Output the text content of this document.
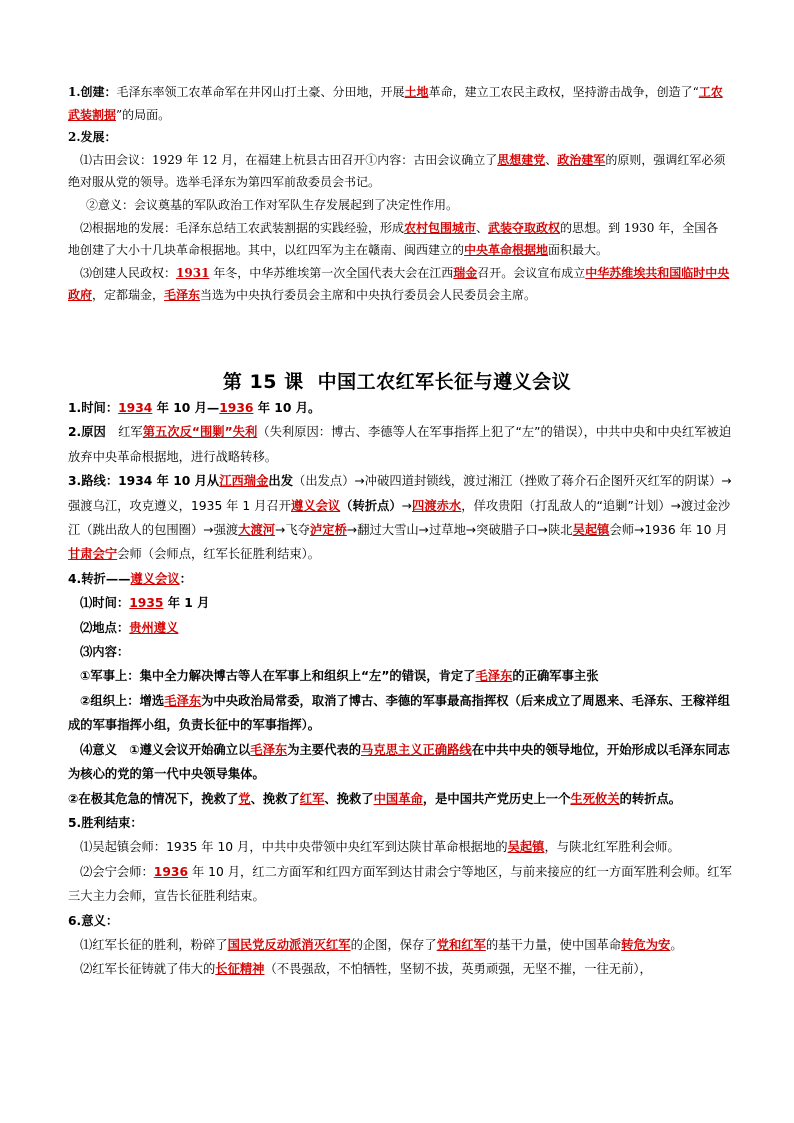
1.创建：毛泽东率领工农革命军在井冈山打土豪、分田地，开展土地革命，建立工农民主政权，坚持游击战争，创造了“工农武装割据”的局面。

2.发展：

⑴古田会议：1929 年 12 月，在福建上杭县古田召开①内容：古田会议确立了思想建党、政治建军的原则，强调红军必须绝对服从党的领导。选举毛泽东为第四军前敌委员会书记。

②意义：会议奠基的军队政治工作对军队生存发展起到了决定性作用。

⑵根据地的发展：毛泽东总结工农武装割据的实践经验，形成农村包围城市、武装夺取政权的思想。到 1930 年，全国各地创建了大小十几块革命根据地。其中，以红四军为主在赣南、闽西建立的中央革命根据地面积最大。

⑶创建人民政权：1931 年冬，中华苏维埃第一次全国代表大会在江西瑞金召开。会议宣布成立中华苏维埃共和国临时中央政府，定都瑞金，毛泽东当选为中央执行委员会主席和中央执行委员会人民委员会主席。

第 15 课 中国工农红军长征与遵义会议

1.时间：1934 年 10 月—1936 年 10 月。

2.原因　红军第五次反“围剿”失利（失利原因：博古、李德等人在军事指挥上犯了“左”的错误），中共中央和中央红军被迫放弃中央革命根据地，进行战略转移。

3.路线：1934 年 10 月从江西瑞金出发（出发点）→冲破四道封锁线，渡过湘江（挫败了蒋介石企图歼灭红军的阴谋）→强渡乌江，攻克遵义，1935 年 1 月召开遵义会议（转折点）→四渡赤水，佯攻贵阳（打乱敌人的“追剿”计划）→渡过金沙江（跳出敌人的包围圈）→强渡大渡河→飞夺泸定桥→翻过大雪山→过草地→突破腊子口→陕北吴起镇会师→1936 年 10 月甘肃会宁会师（会师点，红军长征胜利结束）。

4.转折——遵义会议：

⑴时间：1935 年 1 月

⑵地点：贵州遵义

⑶内容：

①军事上：集中全力解决博古等人在军事上和组织上“左”的错误，肯定了毛泽东的正确军事主张

②组织上：增选毛泽东为中央政治局常委，取消了博古、李德的军事最高指挥权（后来成立了周恩来、毛泽东、王稼祥组成的军事指挥小组，负责长征中的军事指挥）。

⑷意义　①遵义会议开始确立以毛泽东为主要代表的马克思主义正确路线在中共中央的领导地位，开始形成以毛泽东同志为核心的党的第一代中央领导集体。

②在极其危急的情况下，挽救了党、挽救了红军、挽救了中国革命，是中国共产党历史上一个生死攸关的转折点。

5.胜利结束：

⑴吴起镇会师：1935 年 10 月，中共中央带领中央红军到达陕甘革命根据地的吴起镇，与陕北红军胜利会师。

⑵会宁会师：1936 年 10 月，红二方面军和红四方面军到达甘肃会宁等地区，与前来接应的红一方面军胜利会师。红军三大主力会师，宣告长征胜利结束。

6.意义：

⑴红军长征的胜利，粉碎了国民党反动派消灭红军的企图，保存了党和红军的基干力量，使中国革命转危为安。

⑵红军长征铸就了伟大的长征精神（不畏强敌，不怕牺牲，坚韧不拔，英勇顽强，无坚不摧，一往无前），
